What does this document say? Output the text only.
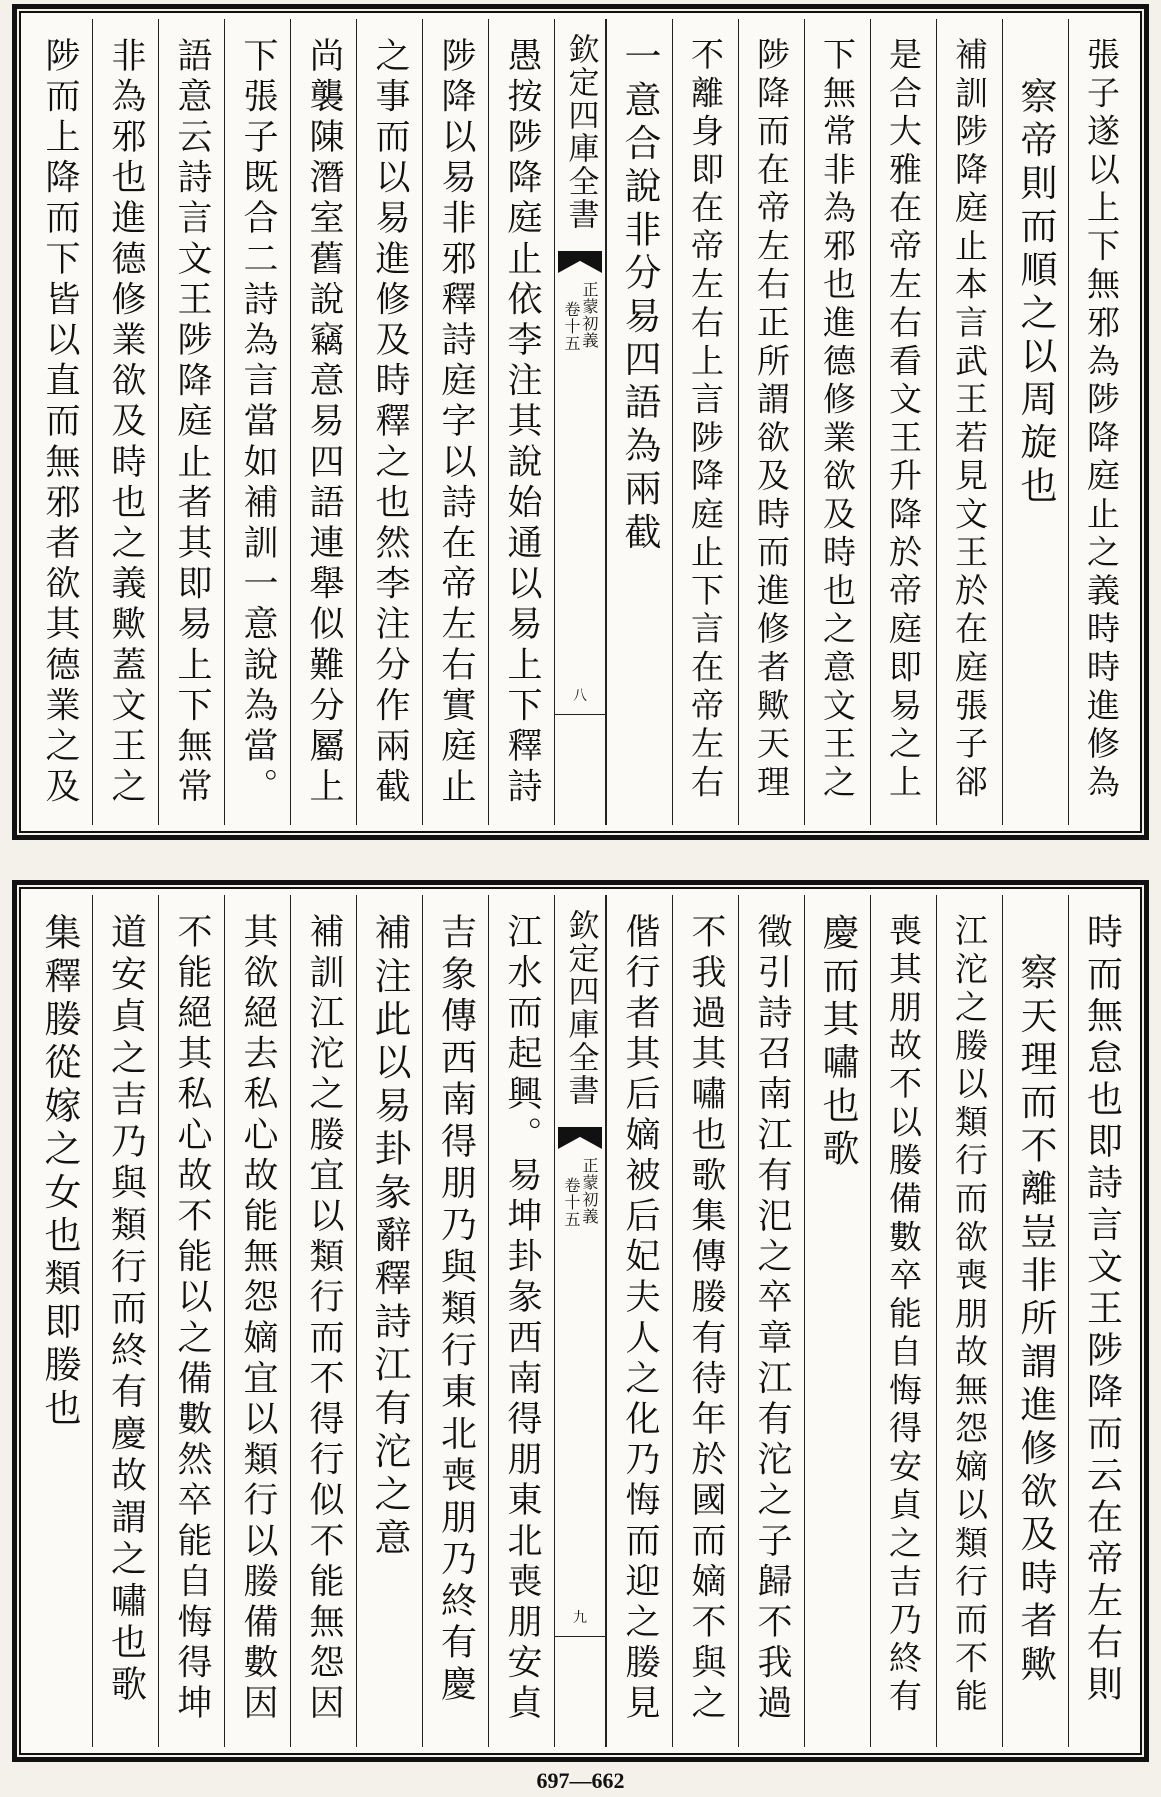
張子遂以上下無邪為陟降庭止之義時時進修為
察帝則而順之以周旋也
補訓陟降庭止本言武王若見文王於在庭張子郤
是合大雅在帝左右看文王升降於帝庭即易之上
下無常非為邪也進德修業欲及時也之意文王之
陟降而在帝左右正所謂欲及時而進修者歟天理
不離身即在帝左右上言陟降庭止下言在帝左右
一意合說非分易四語為兩截
欽定四庫全書
正蒙初義
卷十五
八
愚按陟降庭止依李注其說始通以易上下釋詩
陟降以易非邪釋詩庭字以詩在帝左右實庭止
之事而以易進修及時釋之也然李注分作兩截
尚襲陳潛室舊說竊意易四語連舉似難分屬上
下張子既合二詩為言當如補訓一意說為當。
語意云詩言文王陟降庭止者其即易上下無常
非為邪也進德修業欲及時也之義歟蓋文王之
陟而上降而下皆以直而無邪者欲其德業之及
時而無怠也即詩言文王陟降而云在帝左右則
察天理而不離豈非所謂進修欲及時者歟
江沱之媵以類行而欲喪朋故無怨嫡以類行而不能
喪其朋故不以媵備數卒能自悔得安貞之吉乃終有
慶而其嘯也歌
徵引詩召南江有汜之卒章江有沱之子歸不我過
不我過其嘯也歌集傳媵有待年於國而嫡不與之
偕行者其后嫡被后妃夫人之化乃悔而迎之媵見
欽定四庫全書
正蒙初義
卷十五
九
江水而起興。易坤卦彖西南得朋東北喪朋安貞
吉象傳西南得朋乃與類行東北喪朋乃終有慶
補注此以易卦彖辭釋詩江有沱之意
補訓江沱之媵宜以類行而不得行似不能無怨因
其欲絕去私心故能無怨嫡宜以類行以媵備數因
不能絕其私心故不能以之備數然卒能自悔得坤
道安貞之吉乃與類行而終有慶故謂之嘯也歌
集釋媵從嫁之女也類即媵也
697—662
